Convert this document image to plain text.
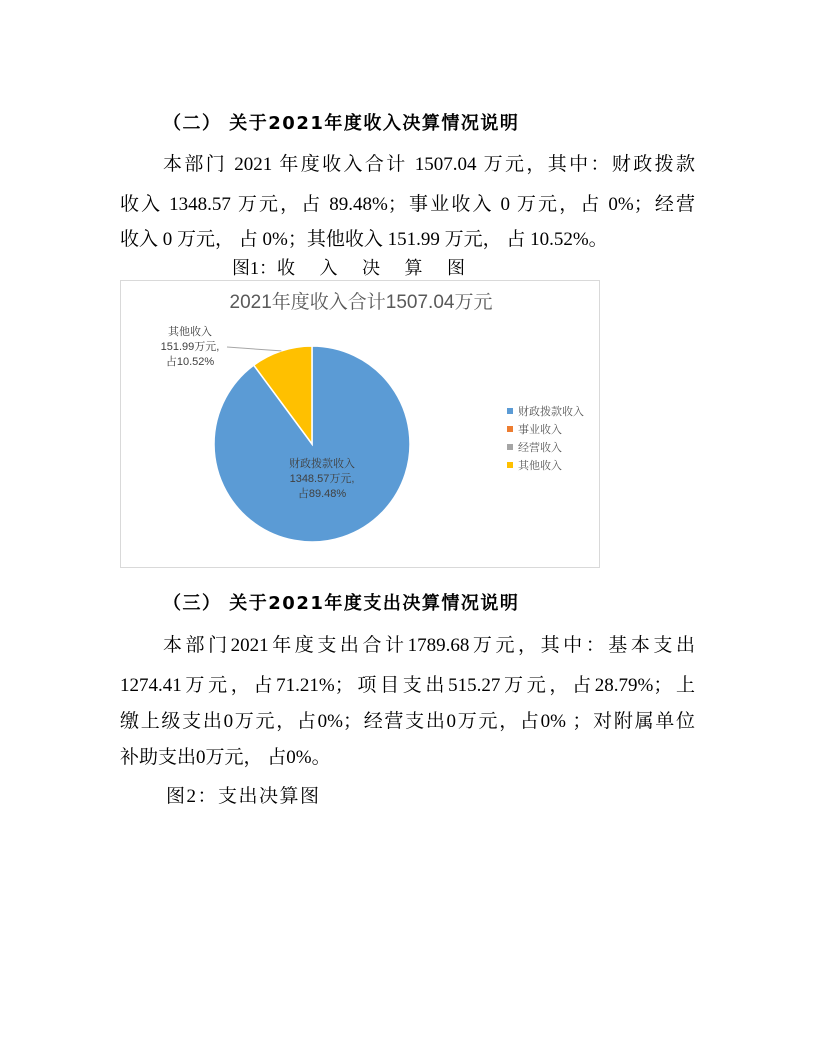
（二） 关于2021年度收入决算情况说明
本部门 2021 年度收入合计 1507.04 万元，其中：财政拨款
收入 1348.57 万元，占 89.48%；事业收入 0 万元，占 0%；经营
收入 0 万元， 占 0%；其他收入 151.99 万元， 占 10.52%。
图1：收 入 决 算 图
2021年度收入合计1507.04万元
财政拨款收入
1348.57万元,
占89.48%
其他收入
151.99万元,
占10.52%
财政拨款收入
事业收入
经营收入
其他收入
（三） 关于2021年度支出决算情况说明
本部门2021年度支出合计1789.68万元，其中：基本支出
1274.41万元，占71.21%；项目支出515.27万元，占28.79%；上
缴上级支出0万元，占0%；经营支出0万元，占0% ；对附属单位
补助支出0万元， 占0%。
图2：支出决算图
